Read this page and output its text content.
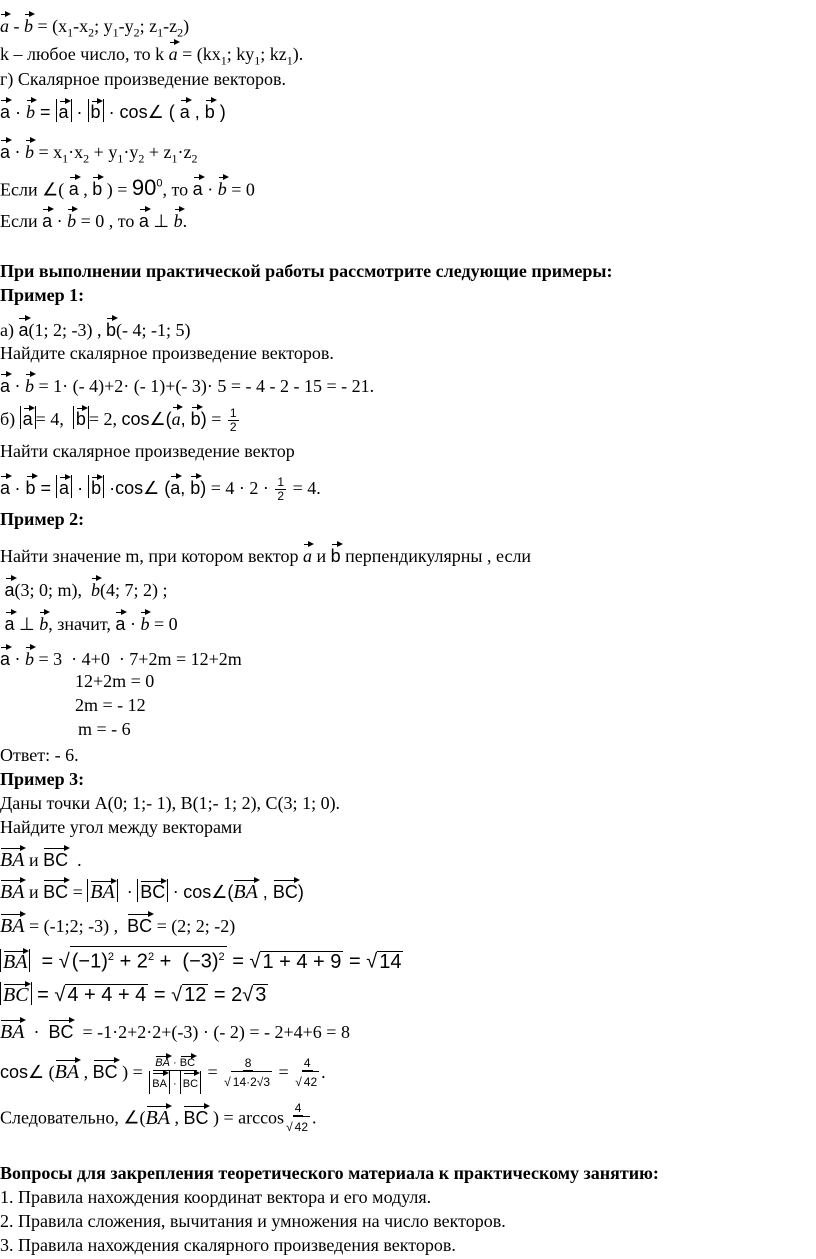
$a - b = (x_1-x_2$; $y_1-y_2$; $z_1-z_2$)
k – любое число, то k $a = (kx_1$; $ky_1$; $kz_1$).
г) Скалярное произведение векторов.
a · b = a · b · cos∠ ( a , b )
$a \cdot b = x_1\cdot x_2 + y_1\cdot y_2 + z_1\cdot z_2$
Если ∠( a , b ) = $90^0$, то a · b = 0
Если a · b = 0 , то a ⊥ b.
При выполнении практической работы рассмотрите следующие примеры:
Пример 1:
а) a(1; 2; -3) , b(- 4; -1; 5)
Найдите скалярное произведение векторов.
a · b = 1· (- 4)+2· (- 1)+(- 3)· 5 = - 4 - 2 - 15 = - 21.
б) a = 4,  b = 2, cos∠(a, $b) = \frac{1}{2}$
Найти скалярное произведение вектор
a · b = a · b ·cos∠ (a, $b) = 4 \cdot 2 \cdot \frac{1}{2} = 4$.
Пример 2:
Найти значение m, при котором вектор a и b перпендикулярны , если
a(3; 0; m),  b(4; 7; 2) ;
a ⊥ b, значит, a · b = 0
a · b = 3  · 4+0  · 7+2m = 12+2m
12+2m = 0
2m = - 12
m = - 6
Ответ: - 6.
Пример 3:
Даны точки А(0; 1;- 1), В(1;- 1; 2), С(3; 1; 0).
Найдите угол между векторами
BA и BC  .
BA и BC = BA  · BC · cos∠(BA , BC)
BA = (-1;2; -3) ,  BC = (2; 2; -2)
BA  = √ $(-1)^2 + 2^2 + (-3)^2$ = √ 1 + 4 + 9 = √ 14
BC = √ 4 + 4 + 4 = √ 12 = 2√ 3
BA  ·  BC  = -1·2+2·2+(-3) · (- 2) = - 2+4+6 = 8
cos∠ (BA , BC ) = $\frac{BA \cdot BC}{BA \cdot BC} = \frac{8}{√ 14\cdot 2√3} = \frac{4}{√ 42}$ .
Следовательно, ∠(BA , BC ) = $\arccos \frac{4}{√ 42}$ .
Вопросы для закрепления теоретического материала к практическому занятию:
1. Правила нахождения координат вектора и его модуля.
2. Правила сложения, вычитания и умножения на число векторов.
3. Правила нахождения скалярного произведения векторов.
